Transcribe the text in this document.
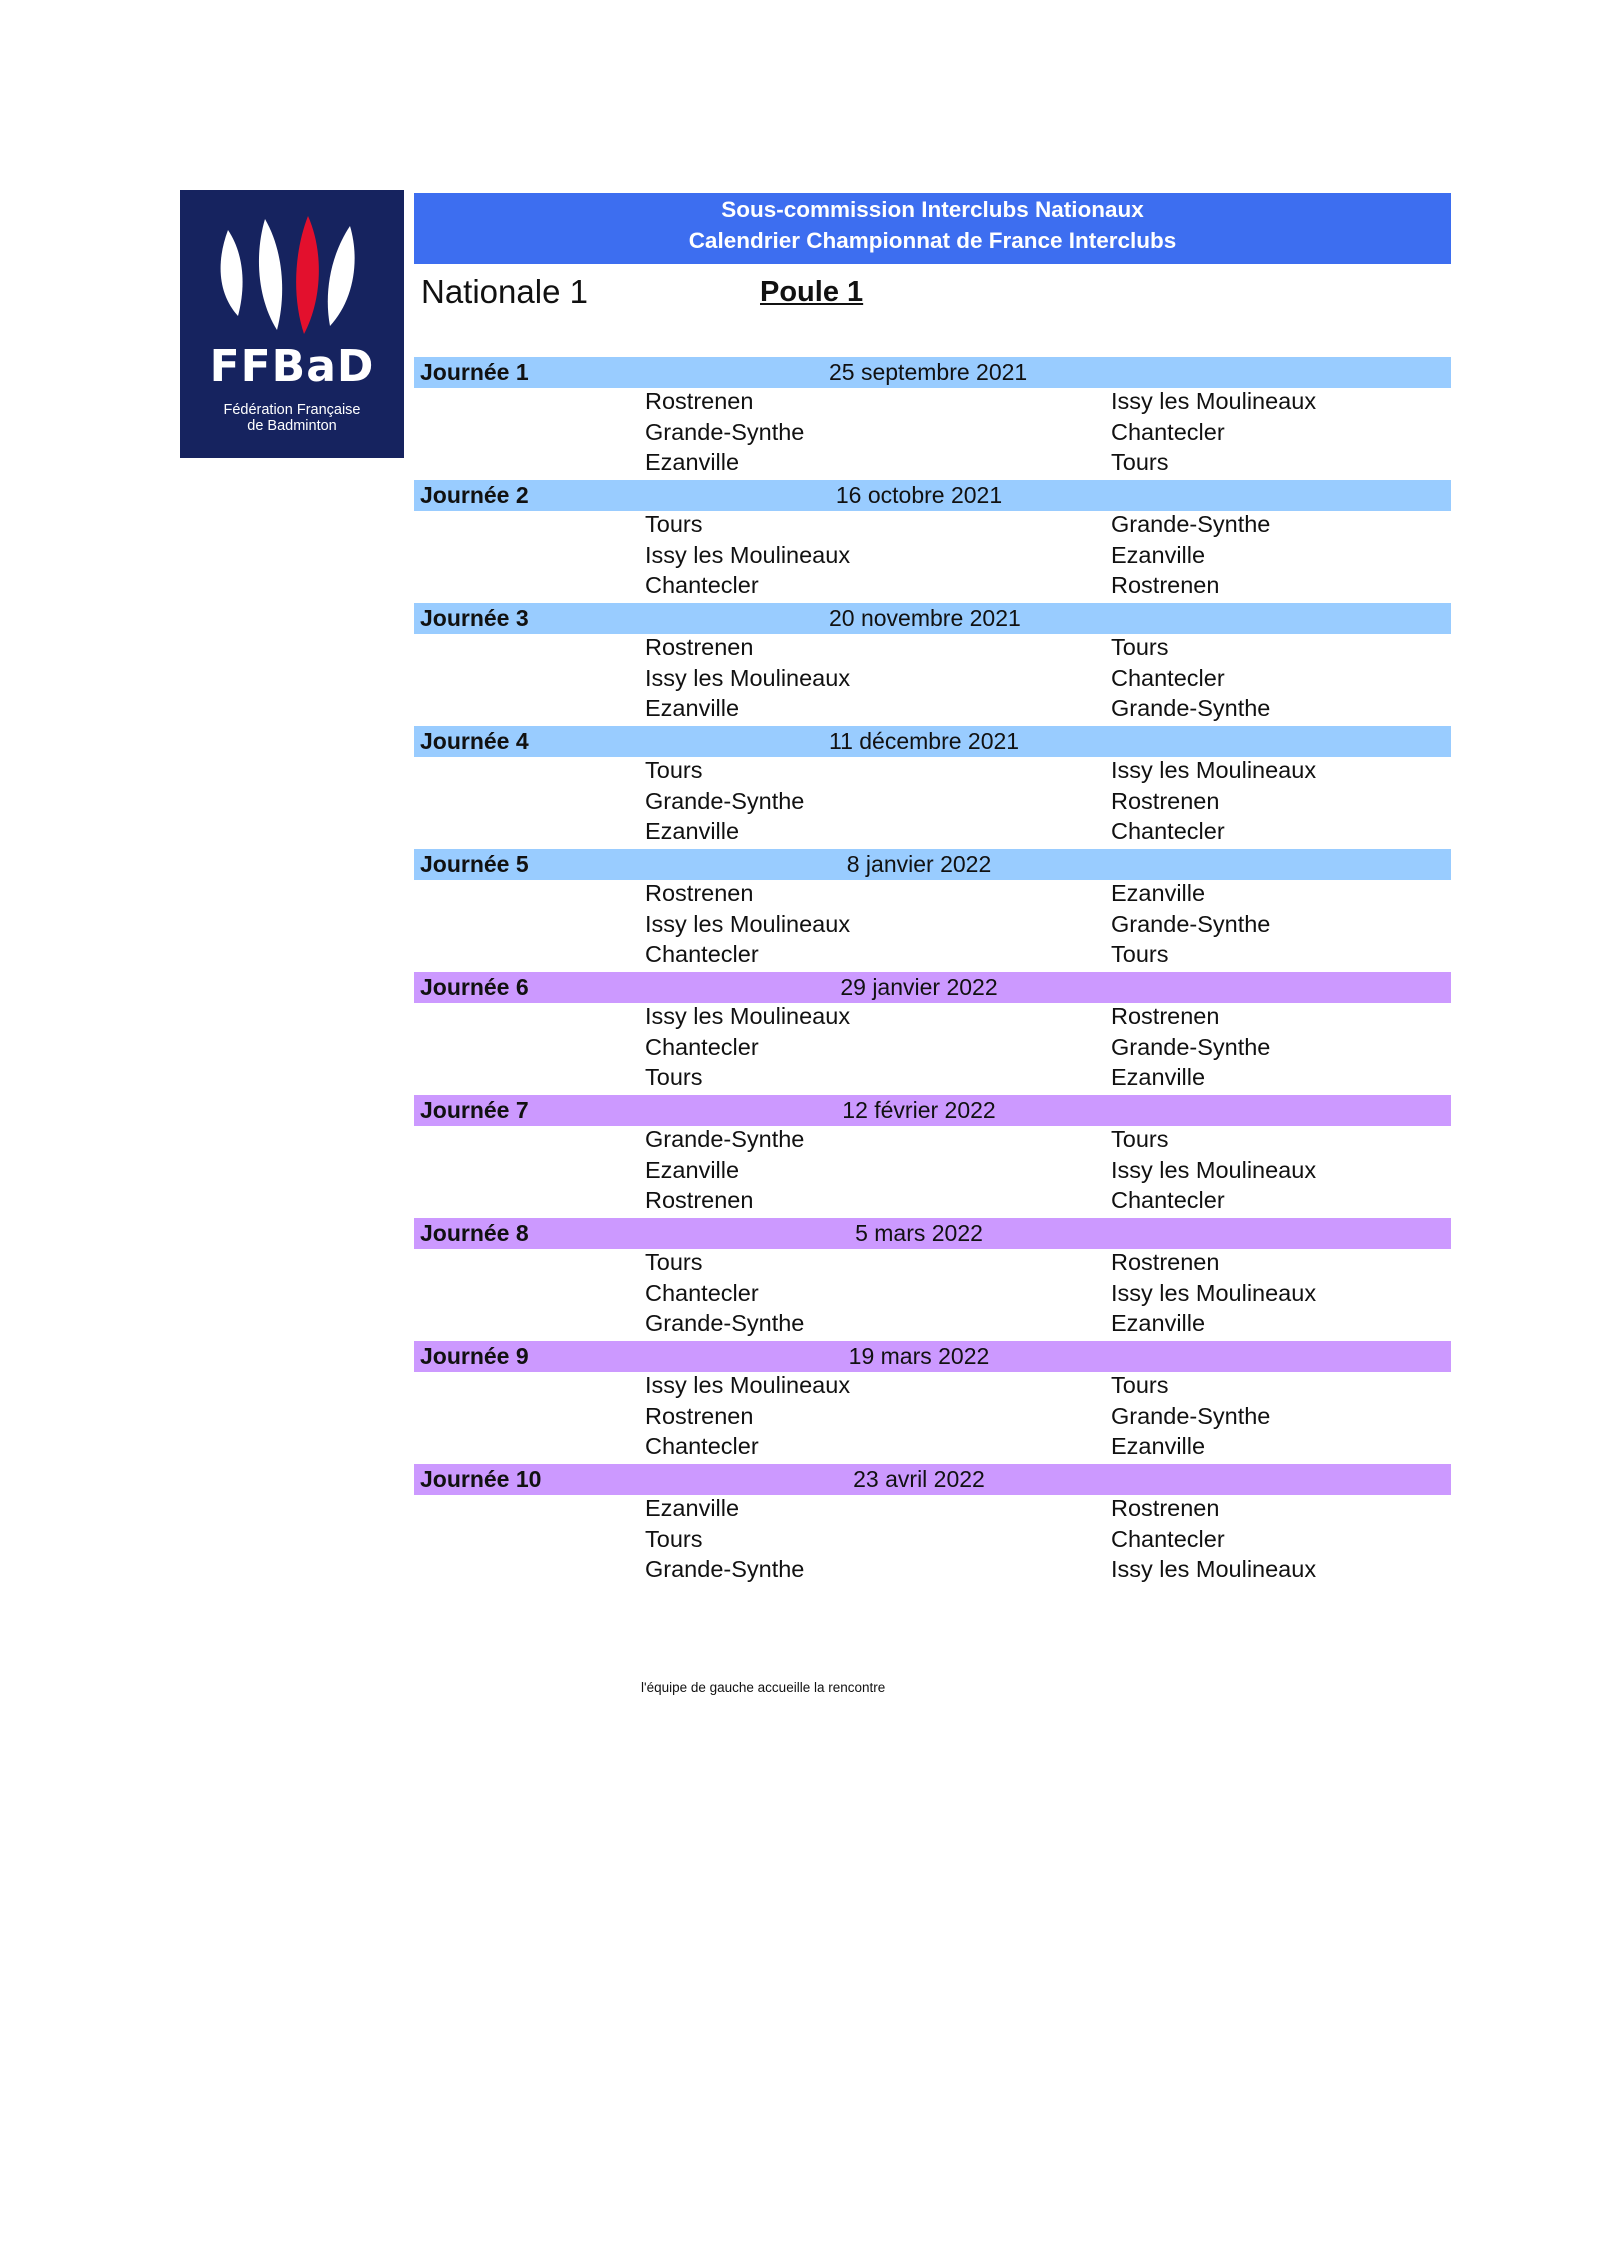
FFBaD
Fédération Française
de Badminton
Sous-commission Interclubs Nationaux
Calendrier Championnat de France Interclubs
Nationale 1	Poule 1
Journée 1	25 septembre 2021
Rostrenen	Issy les Moulineaux
Grande-Synthe	Chantecler
Ezanville	Tours
Journée 2	16 octobre 2021
Tours	Grande-Synthe
Issy les Moulineaux	Ezanville
Chantecler	Rostrenen
Journée 3	20 novembre 2021
Rostrenen	Tours
Issy les Moulineaux	Chantecler
Ezanville	Grande-Synthe
Journée 4	11 décembre 2021
Tours	Issy les Moulineaux
Grande-Synthe	Rostrenen
Ezanville	Chantecler
Journée 5	8 janvier 2022
Rostrenen	Ezanville
Issy les Moulineaux	Grande-Synthe
Chantecler	Tours
Journée 6	29 janvier 2022
Issy les Moulineaux	Rostrenen
Chantecler	Grande-Synthe
Tours	Ezanville
Journée 7	12 février 2022
Grande-Synthe	Tours
Ezanville	Issy les Moulineaux
Rostrenen	Chantecler
Journée 8	5 mars 2022
Tours	Rostrenen
Chantecler	Issy les Moulineaux
Grande-Synthe	Ezanville
Journée 9	19 mars 2022
Issy les Moulineaux	Tours
Rostrenen	Grande-Synthe
Chantecler	Ezanville
Journée 10	23 avril 2022
Ezanville	Rostrenen
Tours	Chantecler
Grande-Synthe	Issy les Moulineaux
l'équipe de gauche accueille la rencontre
